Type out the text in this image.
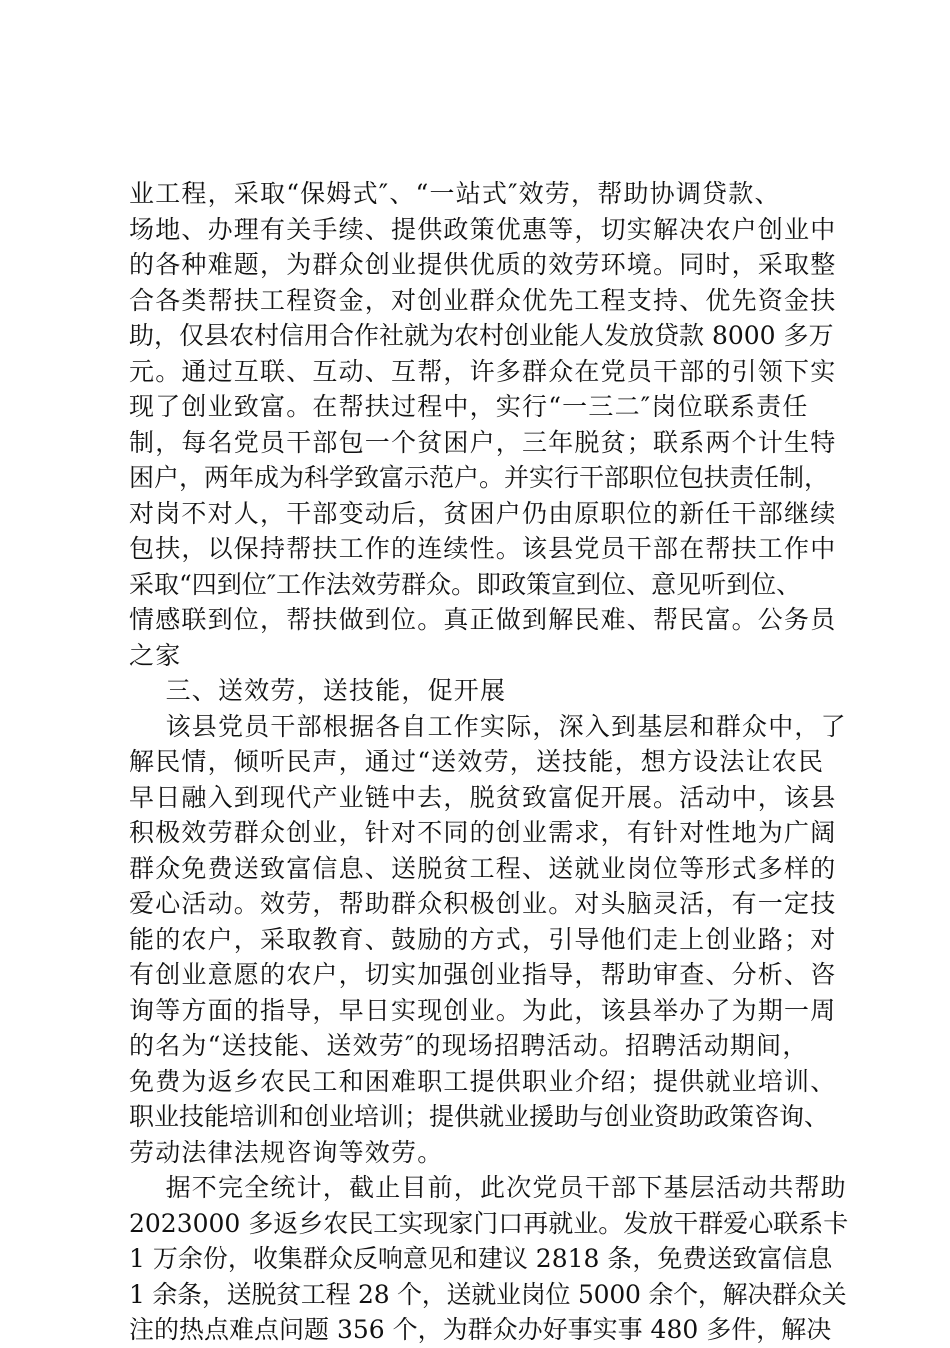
业工程，采取“保姆式″、“一站式″效劳，帮助协调贷款、
场地、办理有关手续、提供政策优惠等，切实解决农户创业中
的各种难题，为群众创业提供优质的效劳环境。同时，采取整
合各类帮扶工程资金，对创业群众优先工程支持、优先资金扶
助，仅县农村信用合作社就为农村创业能人发放贷款 8000 多万
元。通过互联、互动、互帮，许多群众在党员干部的引领下实
现了创业致富。在帮扶过程中，实行“一三二″岗位联系责任
制，每名党员干部包一个贫困户，三年脱贫；联系两个计生特
困户，两年成为科学致富示范户。并实行干部职位包扶责任制，
对岗不对人，干部变动后，贫困户仍由原职位的新任干部继续
包扶，以保持帮扶工作的连续性。该县党员干部在帮扶工作中
采取“四到位″工作法效劳群众。即政策宣到位、意见听到位、
情感联到位，帮扶做到位。真正做到解民难、帮民富。公务员
之家
三、送效劳，送技能，促开展
该县党员干部根据各自工作实际，深入到基层和群众中，了
解民情，倾听民声，通过“送效劳，送技能，想方设法让农民
早日融入到现代产业链中去，脱贫致富促开展。活动中，该县
积极效劳群众创业，针对不同的创业需求，有针对性地为广阔
群众免费送致富信息、送脱贫工程、送就业岗位等形式多样的
爱心活动。效劳，帮助群众积极创业。对头脑灵活，有一定技
能的农户，采取教育、鼓励的方式，引导他们走上创业路；对
有创业意愿的农户，切实加强创业指导，帮助审查、分析、咨
询等方面的指导，早日实现创业。为此，该县举办了为期一周
的名为“送技能、送效劳″的现场招聘活动。招聘活动期间，
免费为返乡农民工和困难职工提供职业介绍；提供就业培训、
职业技能培训和创业培训；提供就业援助与创业资助政策咨询、
劳动法律法规咨询等效劳。
据不完全统计，截止目前，此次党员干部下基层活动共帮助
2023000 多返乡农民工实现家门口再就业。发放干群爱心联系卡
1 万余份，收集群众反响意见和建议 2818 条，免费送致富信息
1 余条，送脱贫工程 28 个，送就业岗位 5000 余个，解决群众关
注的热点难点问题 356 个，为群众办好事实事 480 多件，解决
